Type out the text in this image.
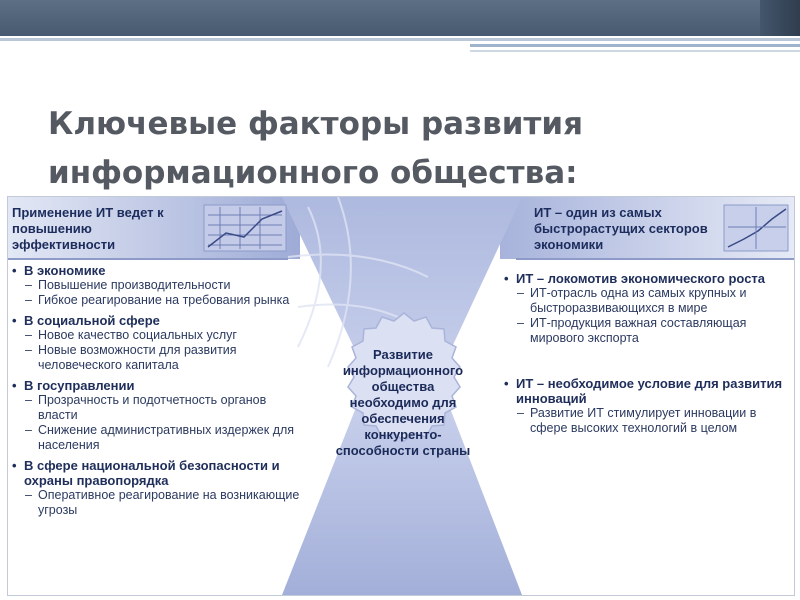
Ключевые факторы развития информационного общества:
Применение ИТ ведет к повышению эффективности
ИТ – один из самых быстрорастущих секторов экономики
• В экономике
– Повышение производительности
– Гибкое реагирование на требования рынка
• В социальной сфере
– Новое качество социальных услуг
– Новые возможности для развития человеческого капитала
• В госуправлении
– Прозрачность и подотчетность органов власти
– Снижение административных издержек для населения
• В сфере национальной безопасности и охраны правопорядка
– Оперативное реагирование на возникающие угрозы
Развитие информационного общества необходимо для обеспечения конкуренто-способности страны
• ИТ – локомотив экономического роста
– ИТ-отрасль одна из самых крупных и быстроразвивающихся в мире
– ИТ-продукция важная составляющая мирового экспорта
• ИТ – необходимое условие для развития инноваций
– Развитие ИТ стимулирует инновации в сфере высоких технологий в целом
